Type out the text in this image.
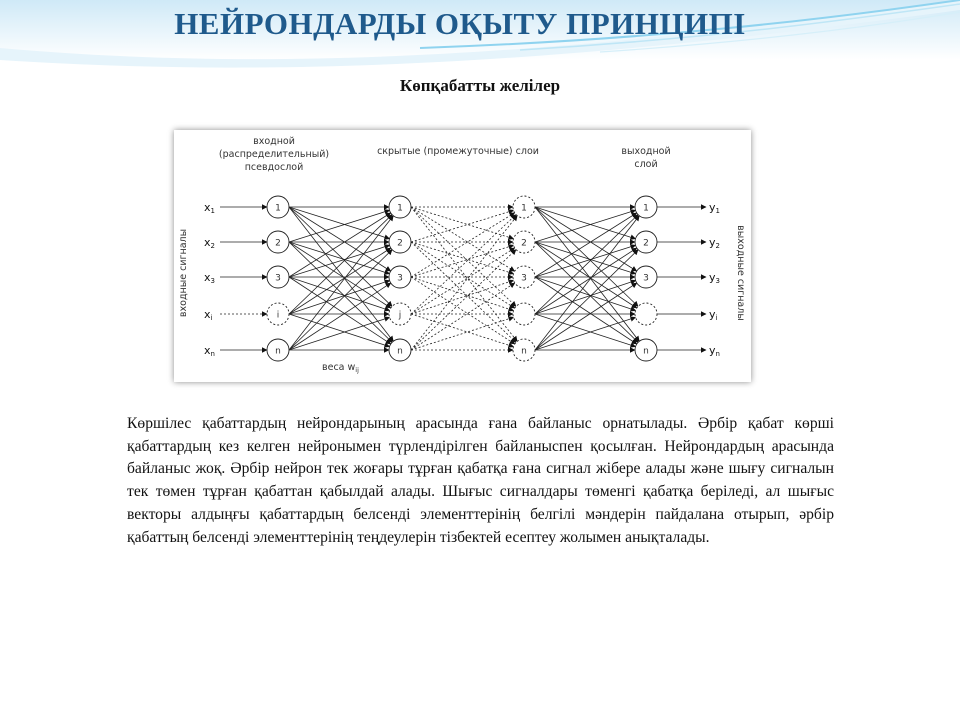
НЕЙРОНДАРДЫ ОҚЫТУ ПРИНЦИПІ
Көпқабатты желілер
x1
x2
x3
xi
xn
y1
y2
y3
yi
yn
1
2
3
i
n
1
2
3
j
n
1
2
3
n
1
2
3
n
входной
(распределительный)
псевдослой
скрытые (промежуточные) слои	выходной
слой
входные сигналы	выходные сигналы
веса $w_{ij}$
Көршілес қабаттардың нейрондарының арасында ғана байланыс орнатылады. Әрбір қабат көрші қабаттардың кез келген нейронымен түрлендірілген байланыспен қосылған. Нейрондардың арасында байланыс жоқ. Әрбір нейрон тек жоғары тұрған қабатқа ғана сигнал жібере алады және шығу сигналын тек төмен тұрған қабаттан қабылдай алады. Шығыс сигналдары төменгі қабатқа беріледі, ал шығыс векторы алдыңғы қабаттардың белсенді элементтерінің белгілі мәндерін пайдалана отырып, әрбір қабаттың белсенді элементтерінің теңдеулерін тізбектей есептеу жолымен анықталады.
